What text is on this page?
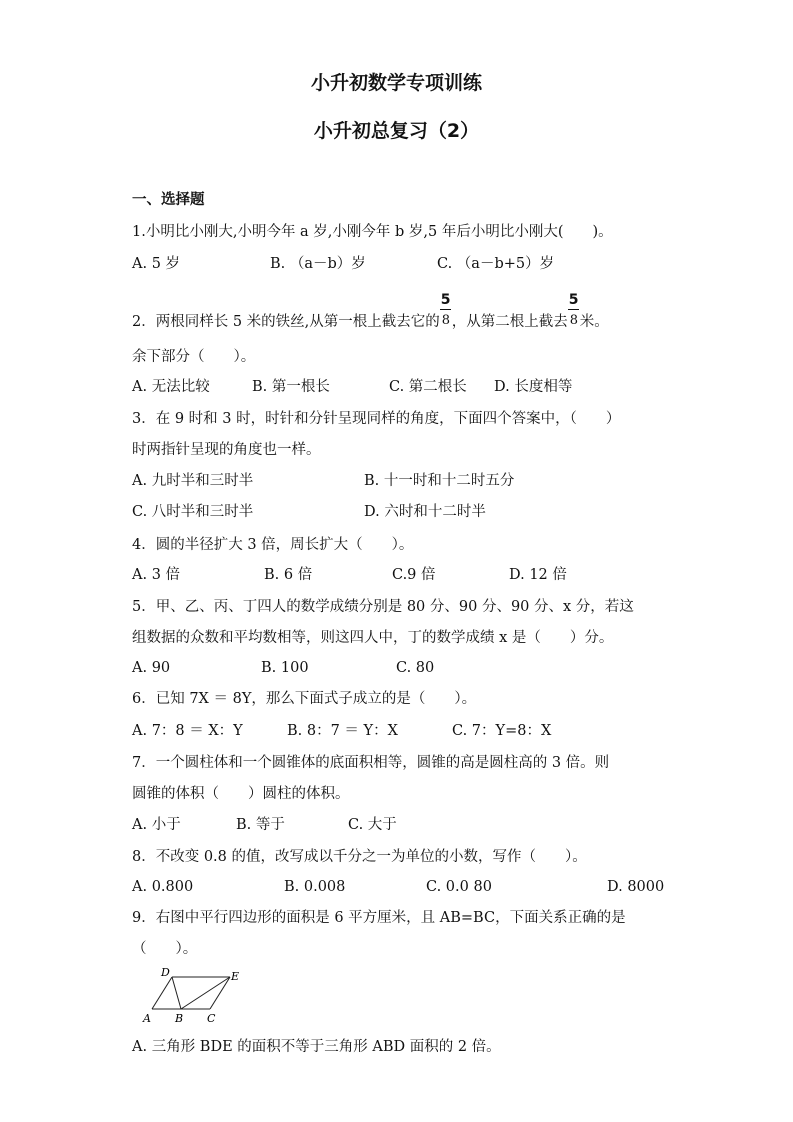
小升初数学专项训练
小升初总复习（2）
一、选择题
1.小明比小刚大,小明今年 a 岁,小刚今年 b 岁,5 年后小明比小刚大(　　)。
A. 5 岁	B. （a－b）岁	C. （a－b+5）岁
2．两根同样长 5 米的铁丝,从第一根上截去它的 $\frac{5}{8}$ ，从第二根上截去 $\frac{5}{8}$ 米。
余下部分（　　）。
A. 无法比较	B. 第一根长	C. 第二根长 D. 长度相等
3．在 9 时和 3 时，时针和分针呈现同样的角度，下面四个答案中，（　　）
时两指针呈现的角度也一样。
A. 九时半和三时半	B. 十一时和十二时五分
C. 八时半和三时半	D. 六时和十二时半
4．圆的半径扩大 3 倍，周长扩大（　　）。
A. 3 倍	B. 6 倍	C.9 倍	D. 12 倍
5．甲、乙、丙、丁四人的数学成绩分别是 80 分、90 分、90 分、x 分，若这
组数据的众数和平均数相等，则这四人中，丁的数学成绩 x 是（　　）分。
A. 90	B. 100	C. 80
6．已知 7X ＝ 8Y，那么下面式子成立的是（　　）。
A. 7：8 ＝ X：Y	B. 8：7 ＝ Y：X	C. 7：Y=8：X
7．一个圆柱体和一个圆锥体的底面积相等，圆锥的高是圆柱高的 3 倍。则
圆锥的体积（　　）圆柱的体积。
A. 小于	B. 等于	C. 大于
8．不改变 0.8 的值，改写成以千分之一为单位的小数，写作（　　）。
A. 0.800	B. 0.008	C. 0.0 80	D. 8000
9．右图中平行四边形的面积是 6 平方厘米，且 AB=BC，下面关系正确的是
（　　）。
D	E
A B C
A. 三角形 BDE 的面积不等于三角形 ABD 面积的 2 倍。
